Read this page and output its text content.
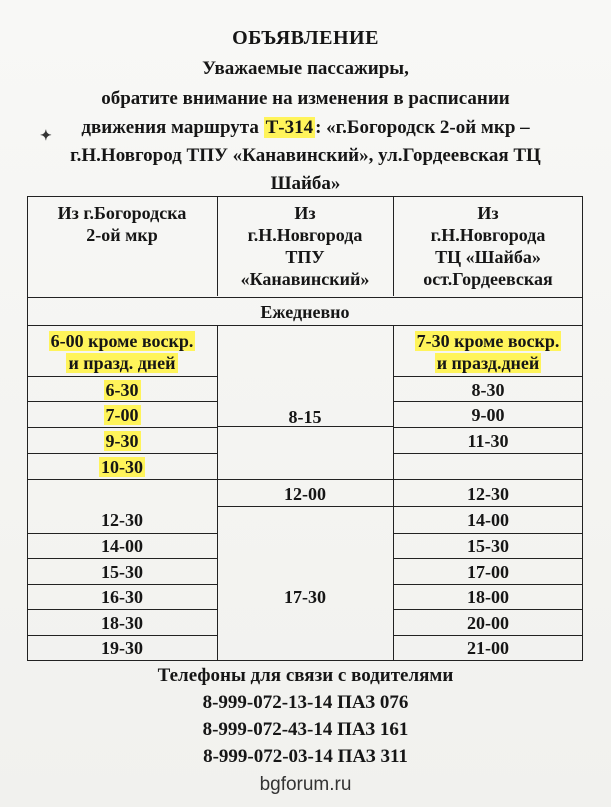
ОБЪЯВЛЕНИЕ
Уважаемые пассажиры,
обратите внимание на изменения в расписании
движения маршрута Т-314 : «г.Богородск 2-ой мкр –
г.Н.Новгород ТПУ «Канавинский», ул.Гордеевская ТЦ
Шайба»
✦
Из г.Богородска
2-ой мкр
Из
г.Н.Новгорода
ТПУ
«Канавинский»
Из
г.Н.Новгорода
ТЦ «Шайба»
ост.Гордеевская
Ежедневно
6-00 кроме воскр.
и празд. дней
7-30 кроме воскр.
и празд.дней
6-30
7-00
9-30
10-30
12-30
14-00
15-30
16-30
18-30
19-30
8-15
12-00
17-30
8-30
9-00
11-30
12-30
14-00
15-30
17-00
18-00
20-00
21-00
Телефоны для связи с водителями
8-999-072-13-14 ПАЗ 076
8-999-072-43-14 ПАЗ 161
8-999-072-03-14 ПАЗ 311
bgforum.ru
